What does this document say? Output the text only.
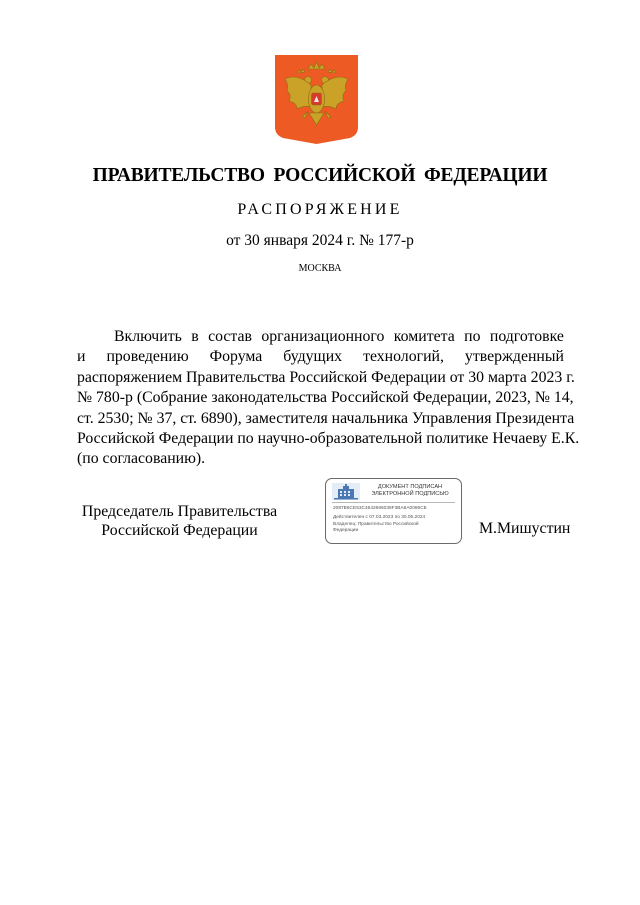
ПРАВИТЕЛЬСТВО РОССИЙСКОЙ ФЕДЕРАЦИИ
РАСПОРЯЖЕНИЕ
от 30 января 2024 г. № 177-р
МОСКВА
Включить в состав организационного комитета по подготовке
и проведению Форума будущих технологий, утвержденный
распоряжением Правительства Российской Федерации от 30 марта 2023 г.
№ 780-р (Собрание законодательства Российской Федерации, 2023, № 14,
ст. 2530; № 37, ст. 6890), заместителя начальника Управления Президента
Российской Федерации по научно-образовательной политике Нечаеву Е.К.
(по согласованию).
Председатель Правительства
Российской Федерации
ДОКУМЕНТ ПОДПИСАН
ЭЛЕКТРОННОЙ ПОДПИСЬЮ
2087B6CE53C4642686038F3BA6A0086CE
Действителен с 07.03.2023 по 30.05.2024
Владелец: Правительство Российской
Федерации	М.Мишустин
